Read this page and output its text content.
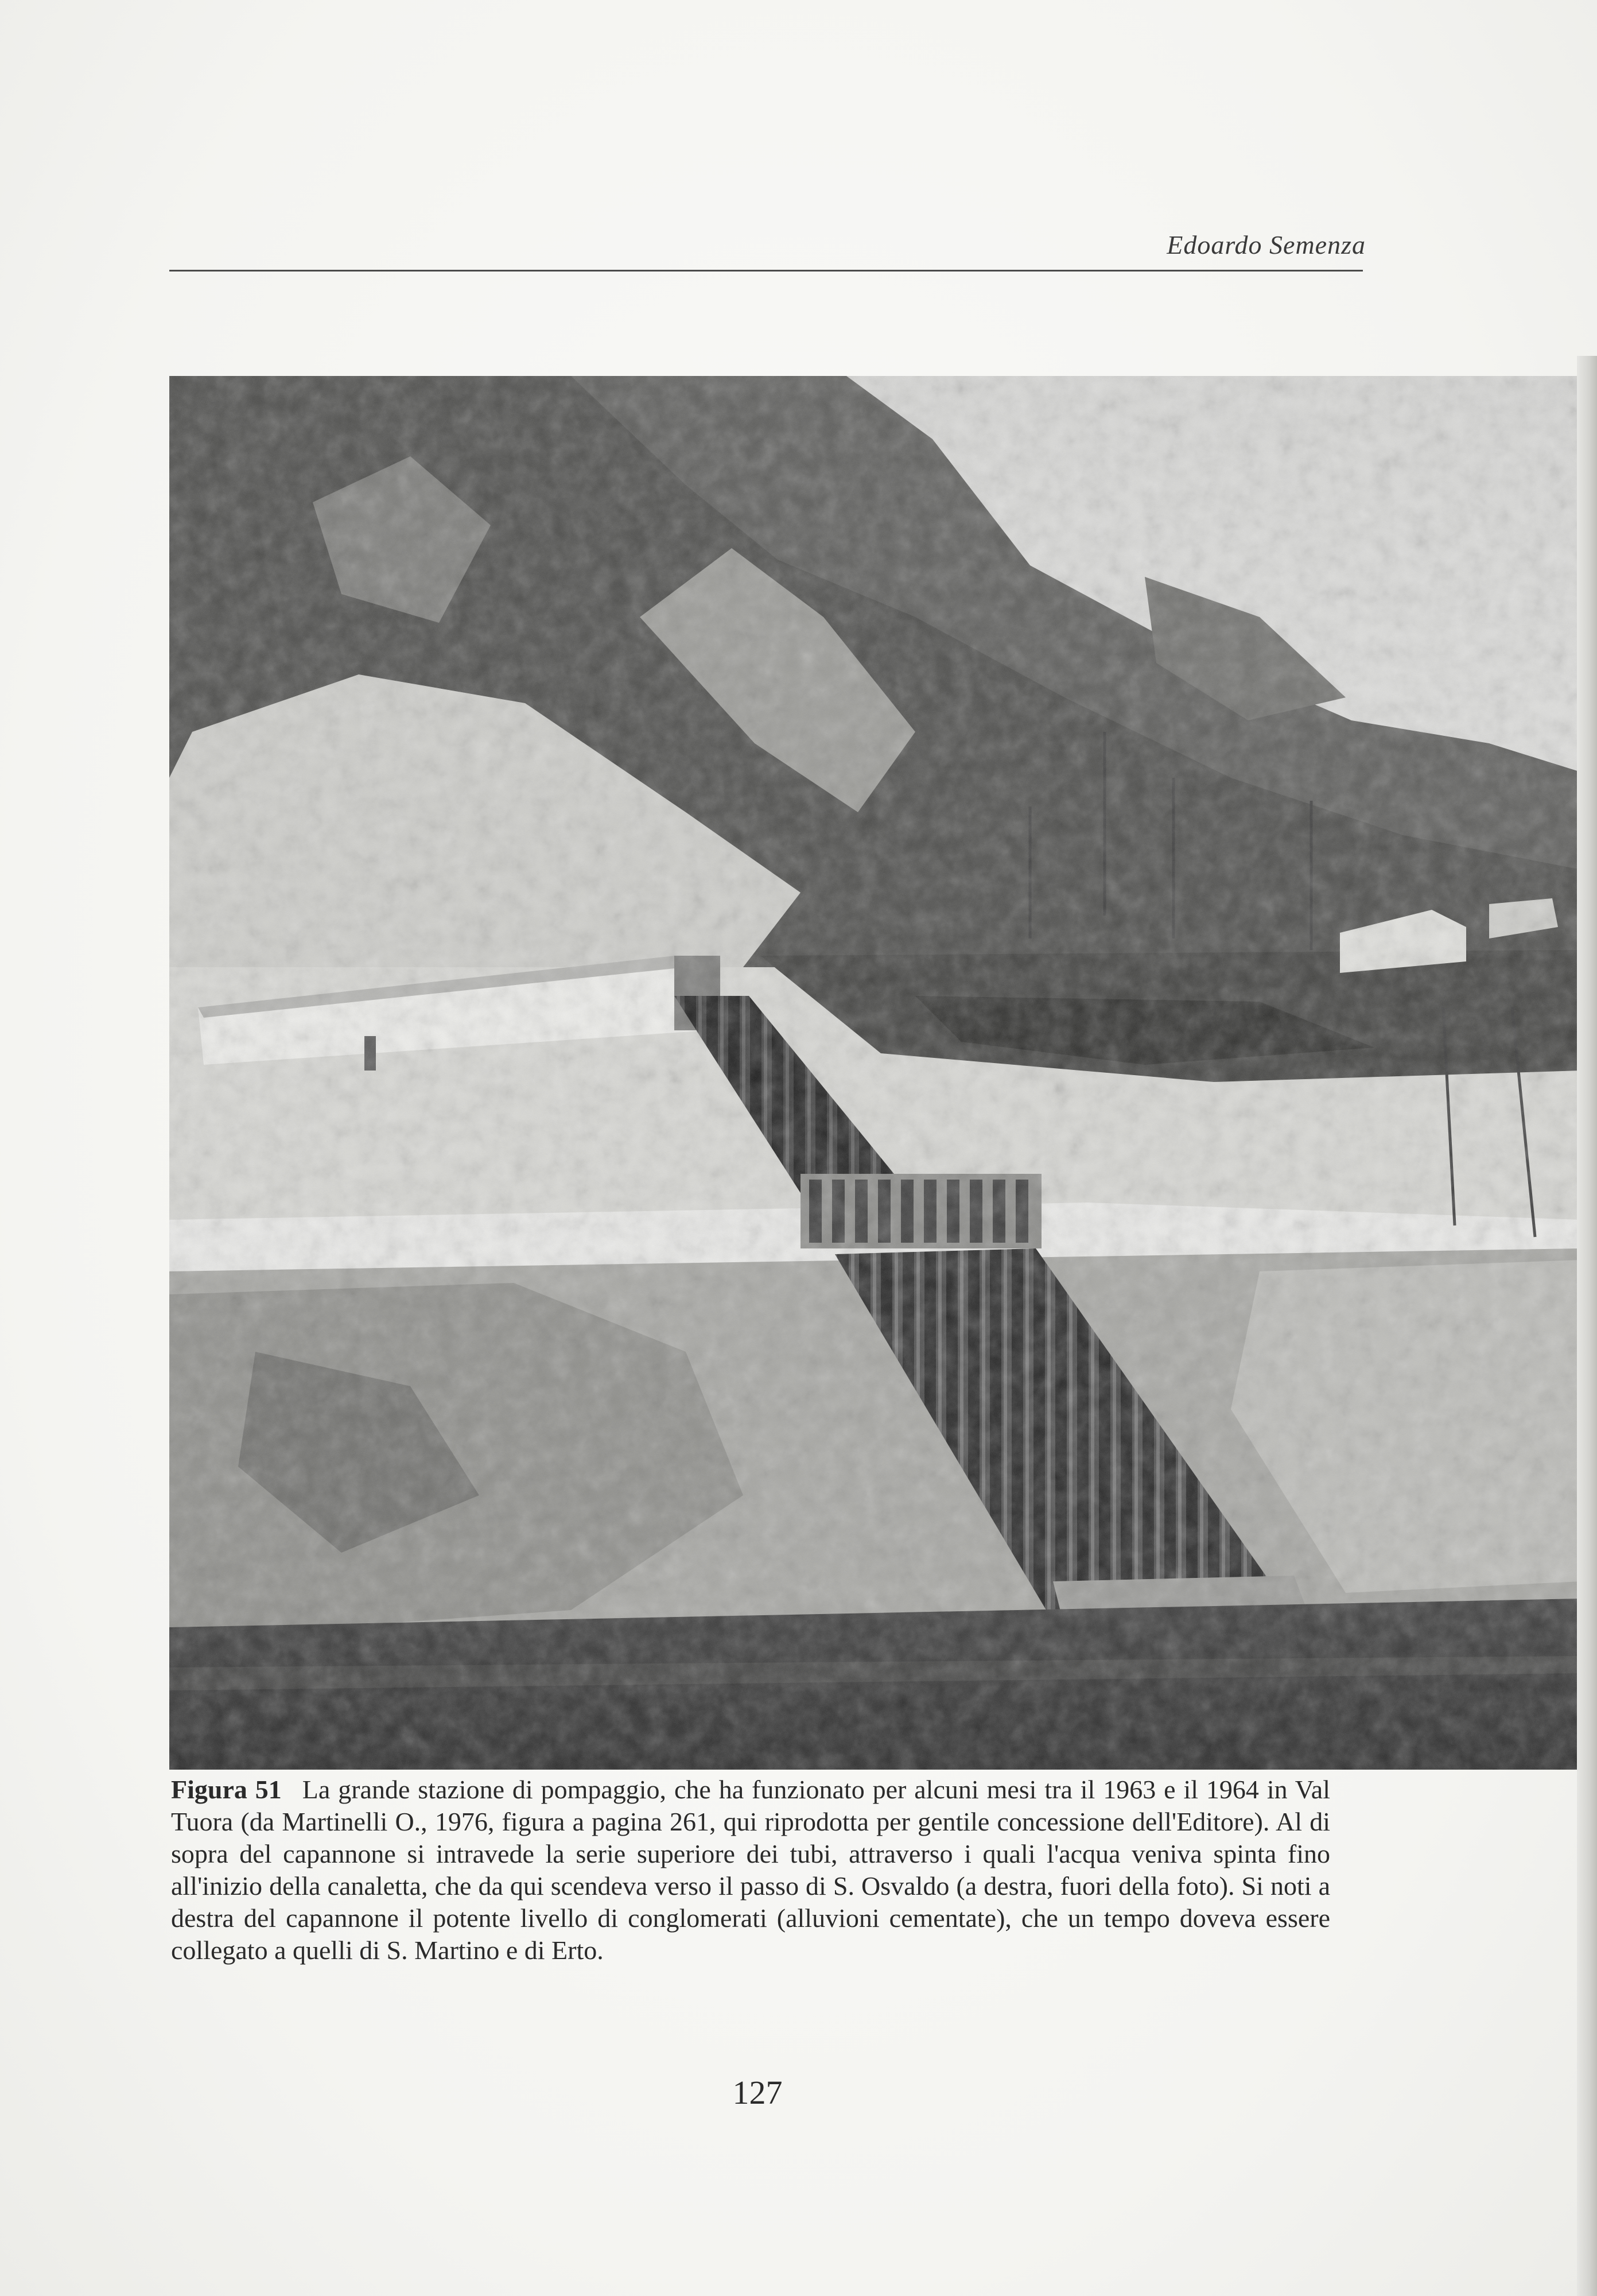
Edoardo Semenza
Figura 51 La grande stazione di pompaggio, che ha funzionato per alcuni mesi tra il 1963 e il 1964 in Val Tuora (da Martinelli O., 1976, figura a pagina 261, qui riprodotta per gentile concessione dell'Editore). Al di sopra del capannone si intravede la serie superiore dei tubi, attraverso i quali l'acqua veniva spinta fino all'inizio della canaletta, che da qui scendeva verso il passo di S. Osvaldo (a destra, fuori della foto). Si noti a destra del capannone il potente livello di conglomerati (alluvioni cementate), che un tempo doveva essere collegato a quelli di S. Martino e di Erto.
127
